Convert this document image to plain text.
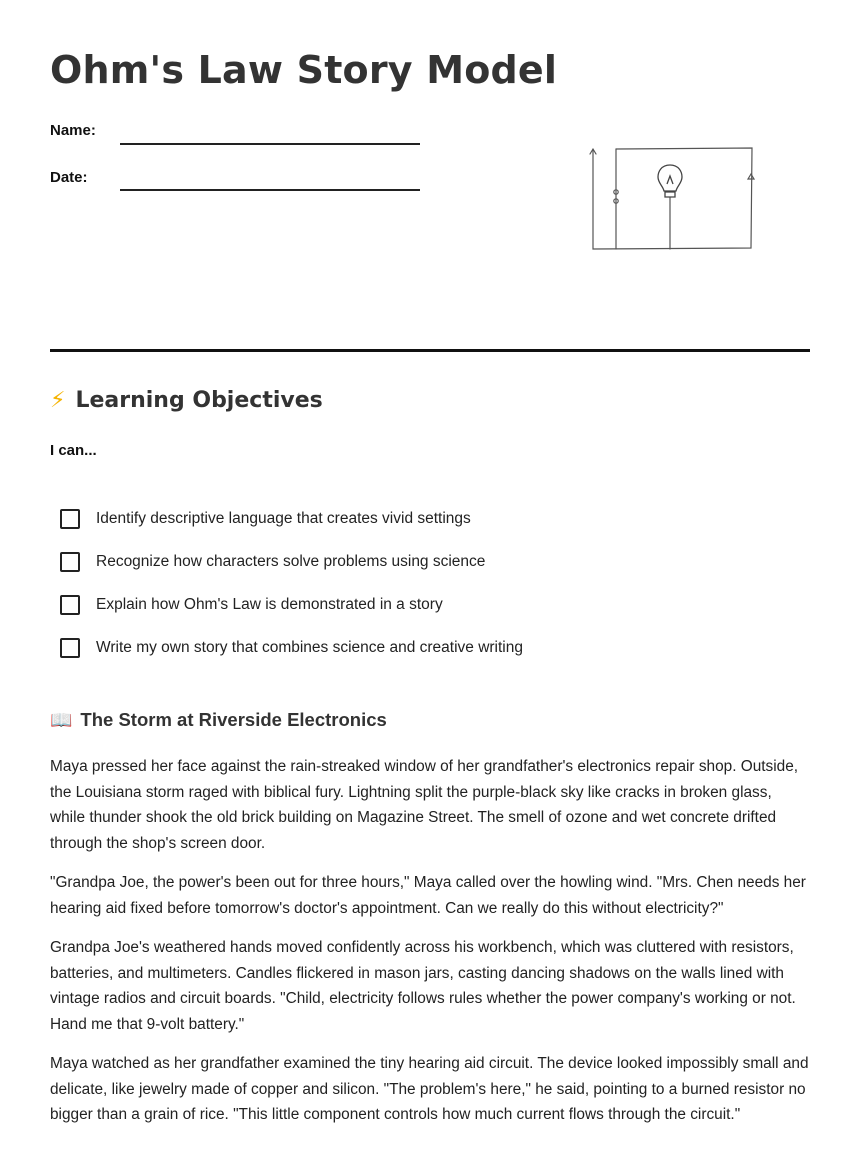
Ohm's Law Story Model
Name:
Date:
⚡ Learning Objectives
I can...
Identify descriptive language that creates vivid settings
Recognize how characters solve problems using science
Explain how Ohm's Law is demonstrated in a story
Write my own story that combines science and creative writing
📖 The Storm at Riverside Electronics

Maya pressed her face against the rain-streaked window of her grandfather's electronics repair shop. Outside, the Louisiana storm raged with biblical fury. Lightning split the purple-black sky like cracks in broken glass, while thunder shook the old brick building on Magazine Street. The smell of ozone and wet concrete drifted through the shop's screen door.

"Grandpa Joe, the power's been out for three hours," Maya called over the howling wind. "Mrs. Chen needs her hearing aid fixed before tomorrow's doctor's appointment. Can we really do this without electricity?"

Grandpa Joe's weathered hands moved confidently across his workbench, which was cluttered with resistors, batteries, and multimeters. Candles flickered in mason jars, casting dancing shadows on the walls lined with vintage radios and circuit boards. "Child, electricity follows rules whether the power company's working or not. Hand me that 9-volt battery."

Maya watched as her grandfather examined the tiny hearing aid circuit. The device looked impossibly small and delicate, like jewelry made of copper and silicon. "The problem's here," he said, pointing to a burned resistor no bigger than a grain of rice. "This little component controls how much current flows through the circuit."
